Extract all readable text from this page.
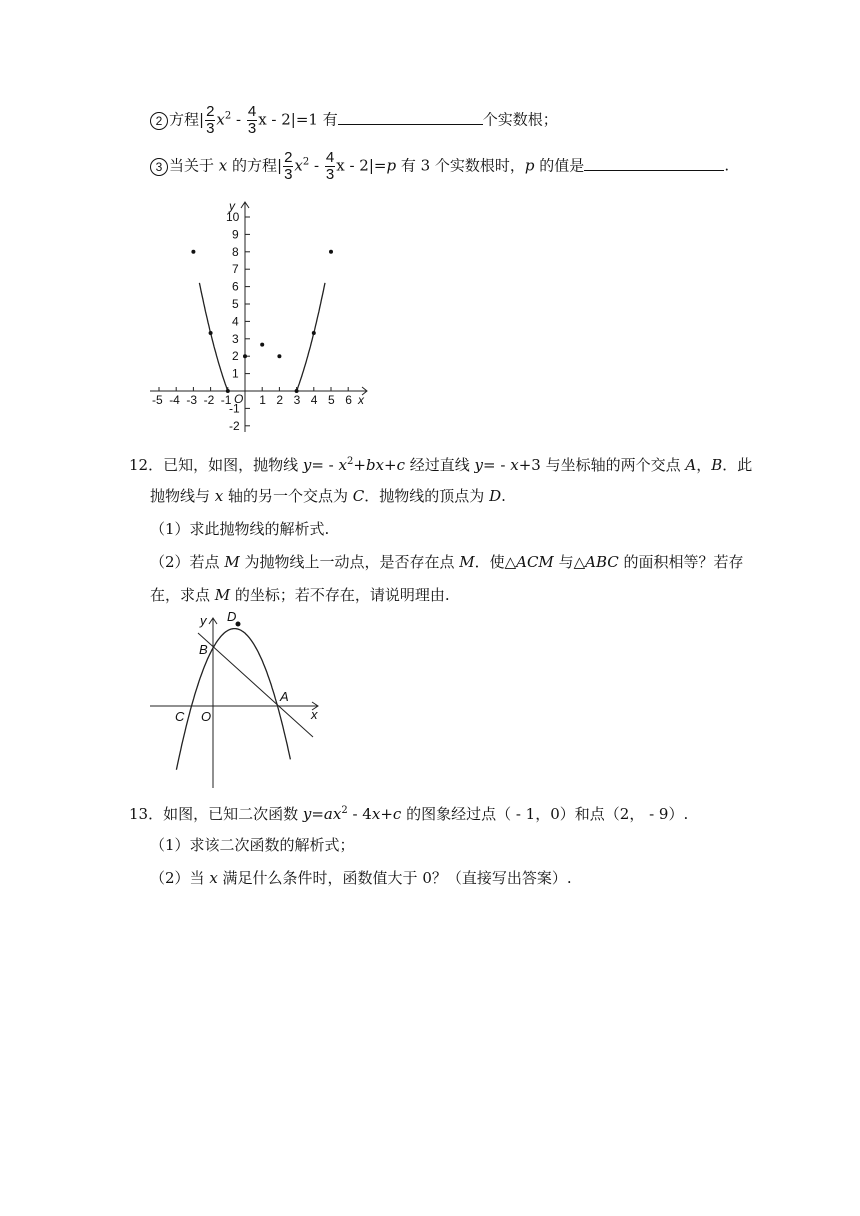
2 方程| $\frac{2}{3} x^2 - \frac{4}{3}$ x - 2|=1 有	个实数根；
3 当关于 x 的方程| $\frac{2}{3} x^2 - \frac{4}{3}$ x - 2|=p 有 3 个实数根时，p 的值是	.
-5 -4 -3 -2 -1 1 2 3 4 5 6
10
9
8
7
6
5
4
3
2
1
-1
-2
x
y
O
12．已知，如图，抛物线 $y= - x^2+bx+c$ 经过直线 y= - x+3 与坐标轴的两个交点 A，B．此
抛物线与 x 轴的另一个交点为 C．抛物线的顶点为 D.
（1）求此抛物线的解析式.
（2）若点 M 为抛物线上一动点，是否存在点 M．使△ACM 与△ABC 的面积相等？若存
在，求点 M 的坐标；若不存在，请说明理由.
y
x
D
B
A
C O
13．如图，已知二次函数 $y=ax^2 - 4x+c$ 的图象经过点（ - 1，0）和点（2， - 9）.
（1）求该二次函数的解析式；
（2）当 x 满足什么条件时，函数值大于 0？（直接写出答案）.
